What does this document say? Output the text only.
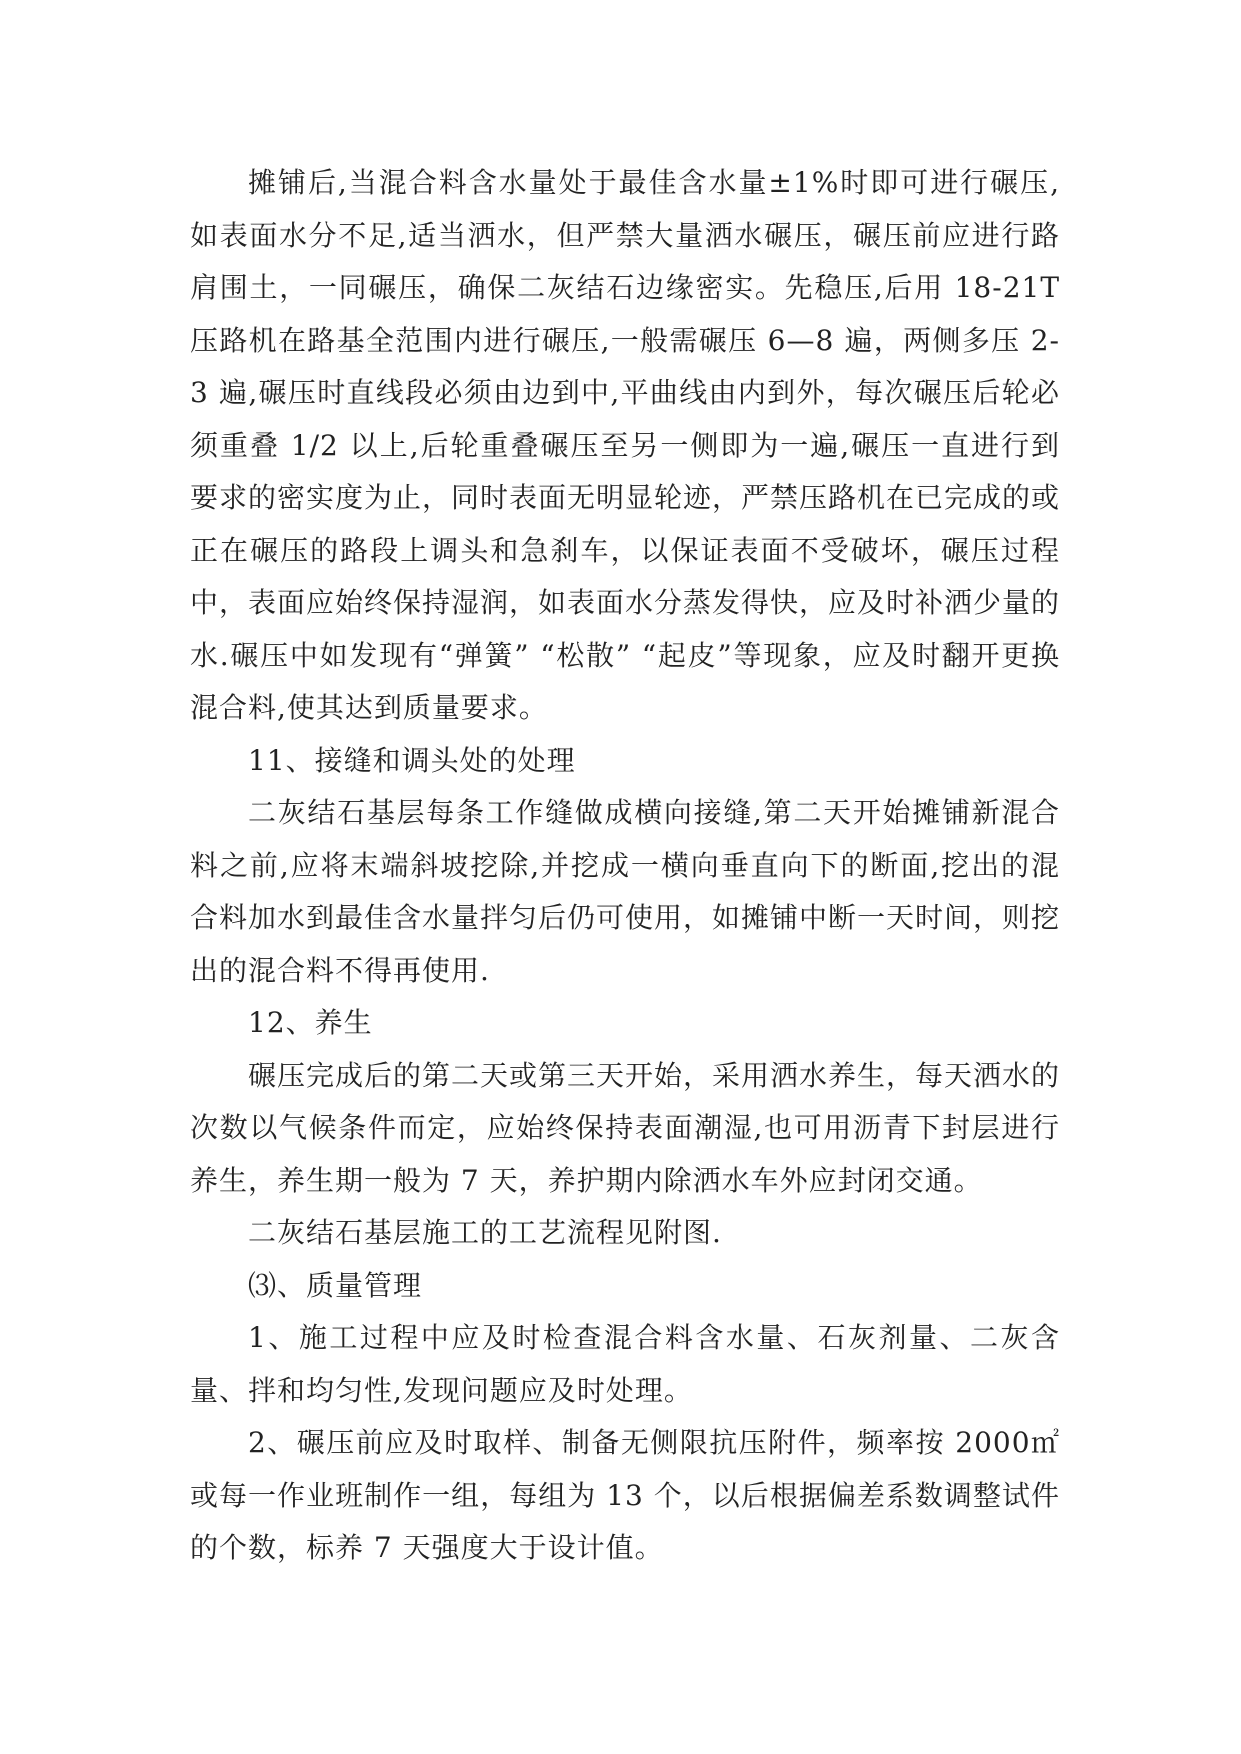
摊铺后,当混合料含水量处于最佳含水量±1%时即可进行碾压,如表面水分不足,适当洒水，但严禁大量洒水碾压，碾压前应进行路肩围土，一同碾压，确保二灰结石边缘密实。先稳压,后用 18-21T 压路机在路基全范围内进行碾压,一般需碾压 6—8 遍，两侧多压 2-3 遍,碾压时直线段必须由边到中,平曲线由内到外，每次碾压后轮必须重叠 1/2 以上,后轮重叠碾压至另一侧即为一遍,碾压一直进行到要求的密实度为止，同时表面无明显轮迹，严禁压路机在已完成的或正在碾压的路段上调头和急刹车，以保证表面不受破坏，碾压过程中，表面应始终保持湿润，如表面水分蒸发得快，应及时补洒少量的水.碾压中如发现有“弹簧” “松散” “起皮”等现象，应及时翻开更换混合料,使其达到质量要求。

11、接缝和调头处的处理

二灰结石基层每条工作缝做成横向接缝,第二天开始摊铺新混合料之前,应将末端斜坡挖除,并挖成一横向垂直向下的断面,挖出的混合料加水到最佳含水量拌匀后仍可使用，如摊铺中断一天时间，则挖出的混合料不得再使用.

12、养生

碾压完成后的第二天或第三天开始，采用洒水养生，每天洒水的次数以气候条件而定，应始终保持表面潮湿,也可用沥青下封层进行养生，养生期一般为 7 天，养护期内除洒水车外应封闭交通。

二灰结石基层施工的工艺流程见附图.

⑶、质量管理

1、施工过程中应及时检查混合料含水量、石灰剂量、二灰含量、拌和均匀性,发现问题应及时处理。

2、碾压前应及时取样、制备无侧限抗压附件，频率按 2000㎡或每一作业班制作一组，每组为 13 个，以后根据偏差系数调整试件的个数，标养 7 天强度大于设计值。
